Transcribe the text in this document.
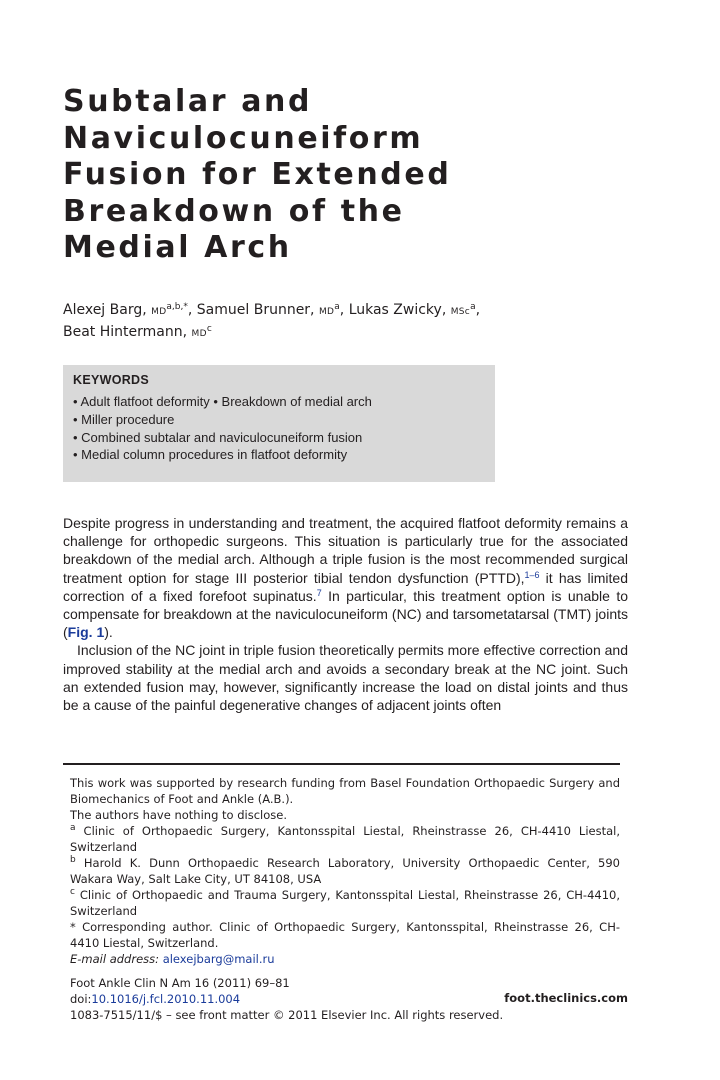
Subtalar and
Naviculocuneiform
Fusion for Extended
Breakdown of the
Medial Arch
Alexej Barg, $MD^{a,b,*}$, Samuel Brunner, $MD^a$, Lukas Zwicky, MSc$^a$,
Beat Hintermann, $MD^c$
KEYWORDS
• Adult flatfoot deformity • Breakdown of medial arch
• Miller procedure
• Combined subtalar and naviculocuneiform fusion
• Medial column procedures in flatfoot deformity

Despite progress in understanding and treatment, the acquired flatfoot deformity remains a challenge for orthopedic surgeons. This situation is particularly true for the associated breakdown of the medial arch. Although a triple fusion is the most recommended surgical treatment option for stage III posterior tibial tendon dysfunction (PTTD),$^{1-6}$ it has limited correction of a fixed forefoot supinatus.$^7$ In particular, this treatment option is unable to compensate for breakdown at the naviculocuneiform (NC) and tarsometatarsal (TMT) joints (Fig. 1).

Inclusion of the NC joint in triple fusion theoretically permits more effective correction and improved stability at the medial arch and avoids a secondary break at the NC joint. Such an extended fusion may, however, significantly increase the load on distal joints and thus be a cause of the painful degenerative changes of adjacent joints often

This work was supported by research funding from Basel Foundation Orthopaedic Surgery and Biomechanics of Foot and Ankle (A.B.).

The authors have nothing to disclose.

$^a$ Clinic of Orthopaedic Surgery, Kantonsspital Liestal, Rheinstrasse 26, CH-4410 Liestal, Switzerland

$^b$ Harold K. Dunn Orthopaedic Research Laboratory, University Orthopaedic Center, 590 Wakara Way, Salt Lake City, UT 84108, USA

$^c$ Clinic of Orthopaedic and Trauma Surgery, Kantonsspital Liestal, Rheinstrasse 26, CH-4410, Switzerland

* Corresponding author. Clinic of Orthopaedic Surgery, Kantonsspital, Rheinstrasse 26, CH-4410 Liestal, Switzerland.

E-mail address: alexejbarg@mail.ru

Foot Ankle Clin N Am 16 (2011) 69–81
doi:10.1016/j.fcl.2010.11.004
1083-7515/11/$ – see front matter © 2011 Elsevier Inc. All rights reserved.
foot.theclinics.com
